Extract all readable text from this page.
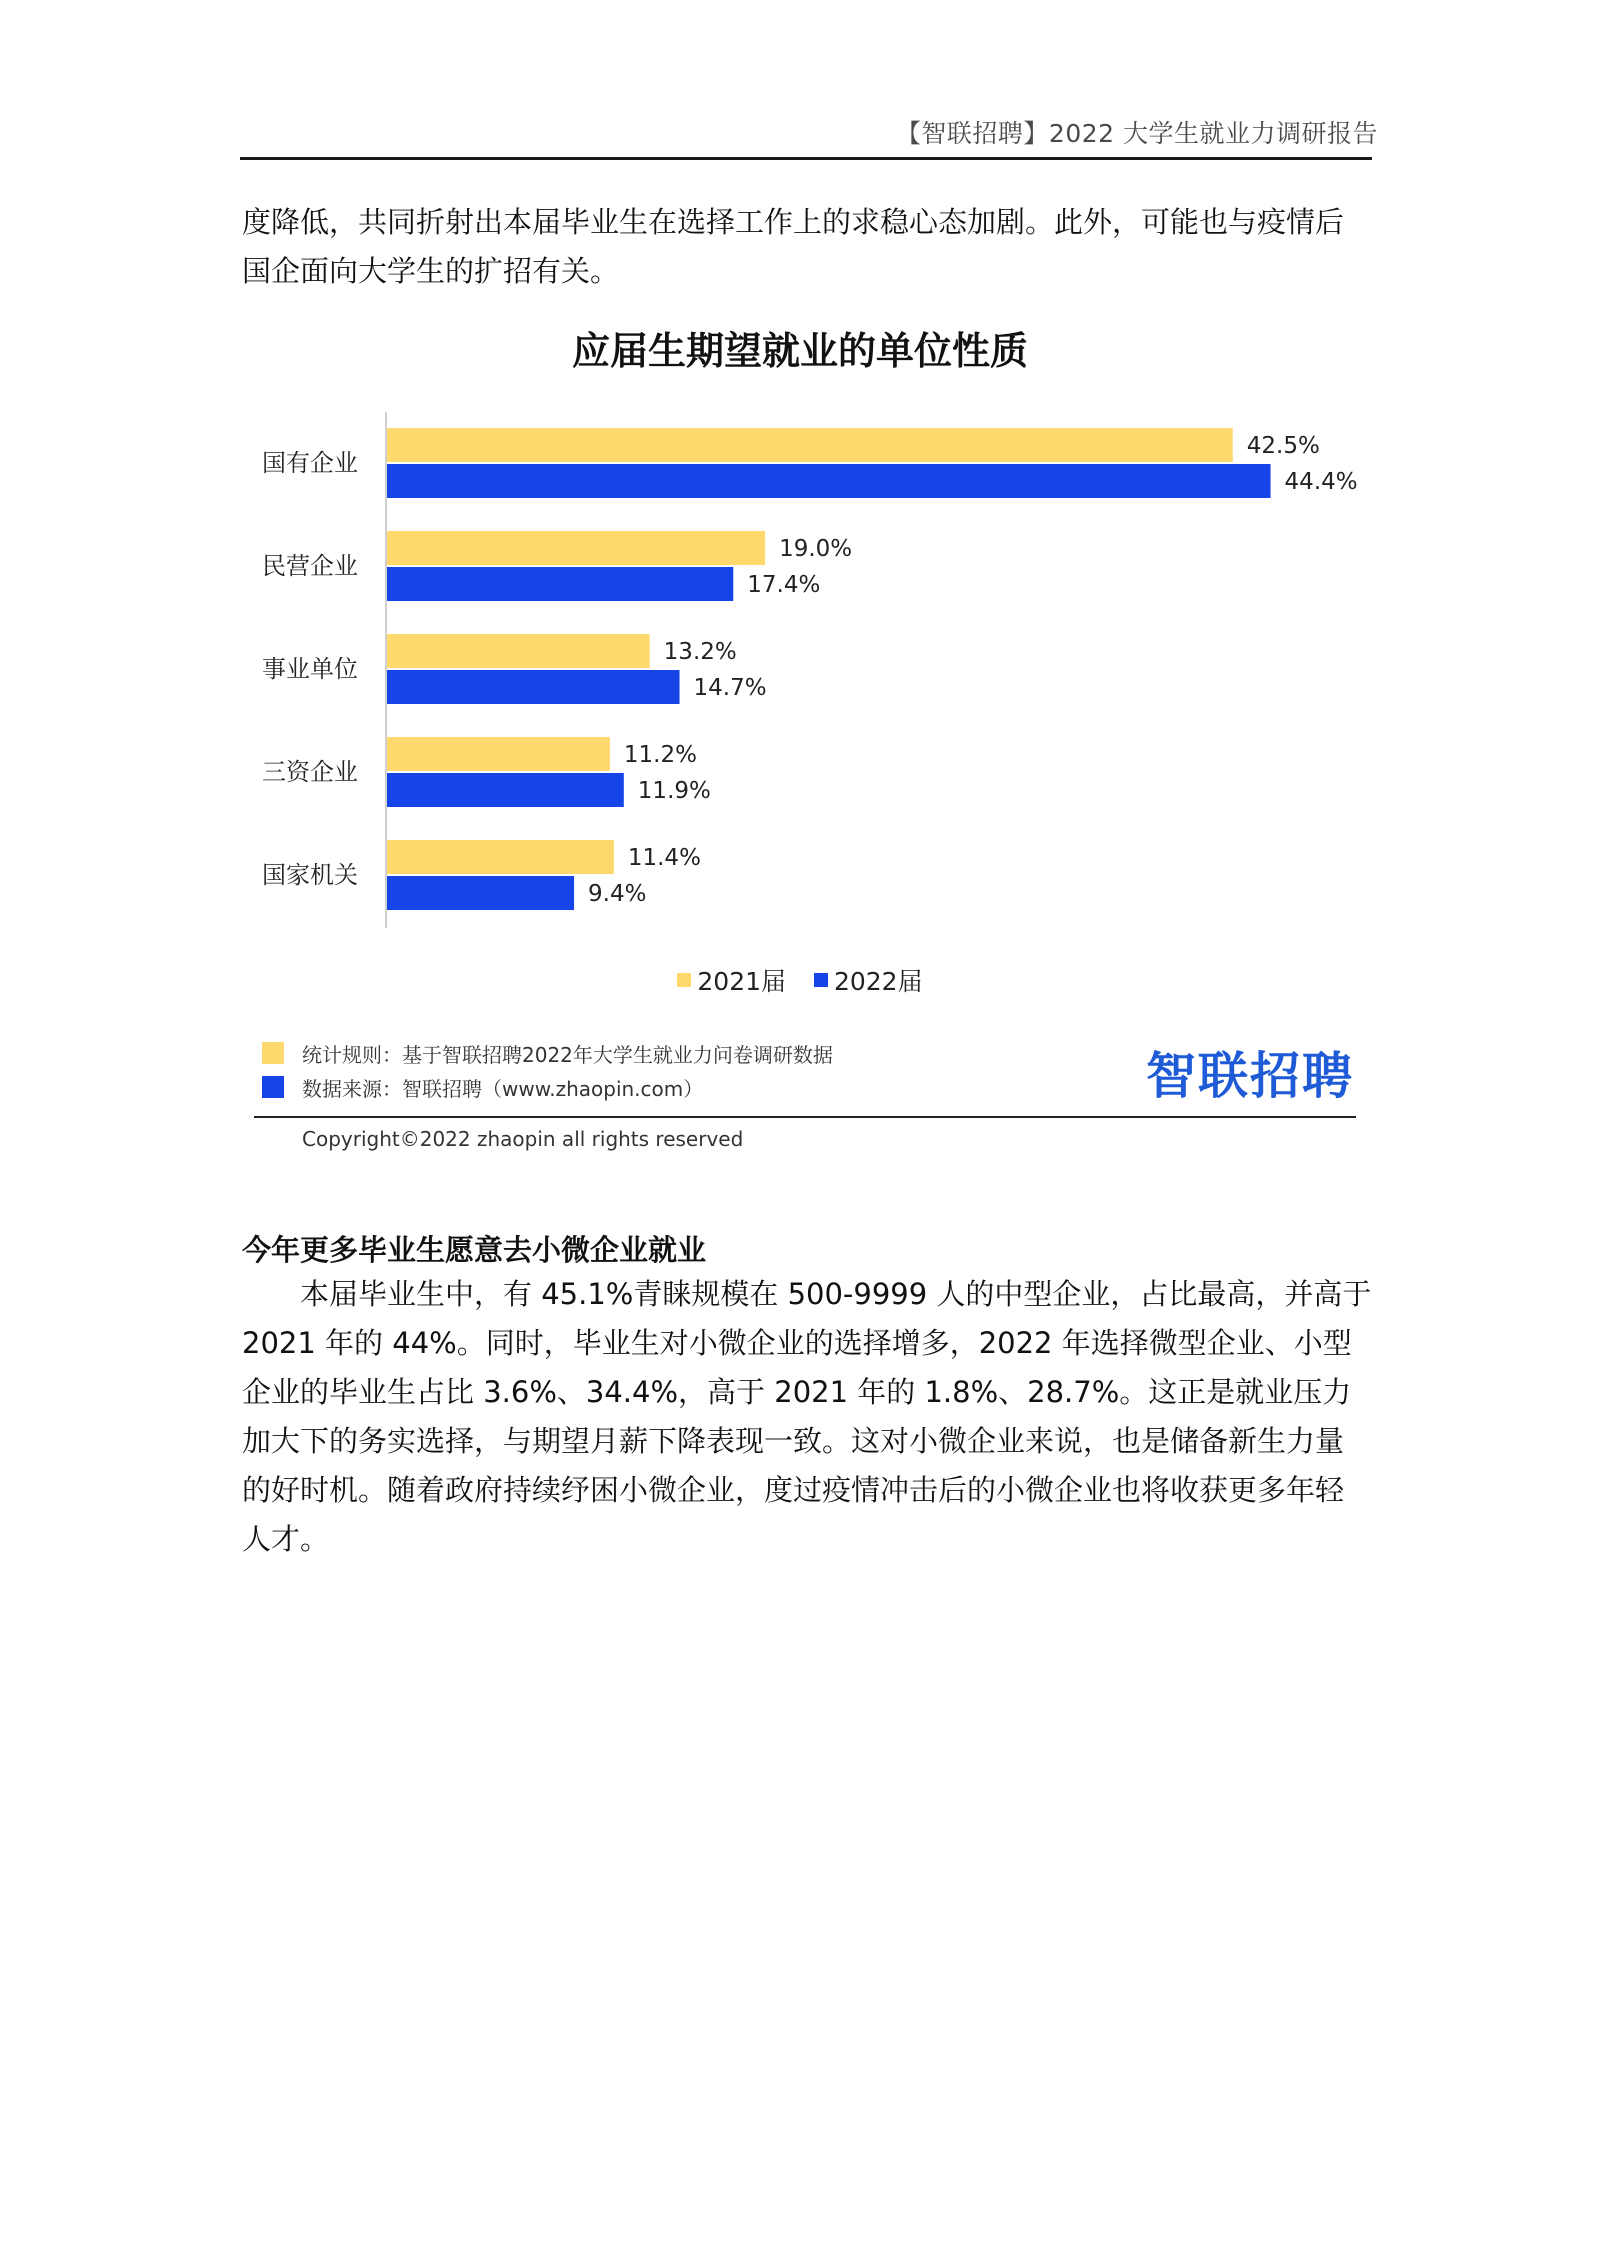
【智联招聘】2022 大学生就业力调研报告

度降低，共同折射出本届毕业生在选择工作上的求稳心态加剧。此外，可能也与疫情后国企面向大学生的扩招有关。

应届生期望就业的单位性质
国有企业
42.5%
44.4%
民营企业
19.0%
17.4%
事业单位
13.2%
14.7%
三资企业
11.2%
11.9%
国家机关
11.4%
9.4%
2021届
2022届
统计规则：基于智联招聘2022年大学生就业力问卷调研数据
数据来源：智联招聘（www.zhaopin.com）	智联招聘
Copyright©2022 zhaopin all rights reserved
今年更多毕业生愿意去小微企业就业

本届毕业生中，有 45.1%青睐规模在 500-9999 人的中型企业，占比最高，并高于 2021 年的 44%。同时，毕业生对小微企业的选择增多，2022 年选择微型企业、小型企业的毕业生占比 3.6%、34.4%，高于 2021 年的 1.8%、28.7%。这正是就业压力加大下的务实选择，与期望月薪下降表现一致。这对小微企业来说，也是储备新生力量的好时机。随着政府持续纾困小微企业，度过疫情冲击后的小微企业也将收获更多年轻人才。
